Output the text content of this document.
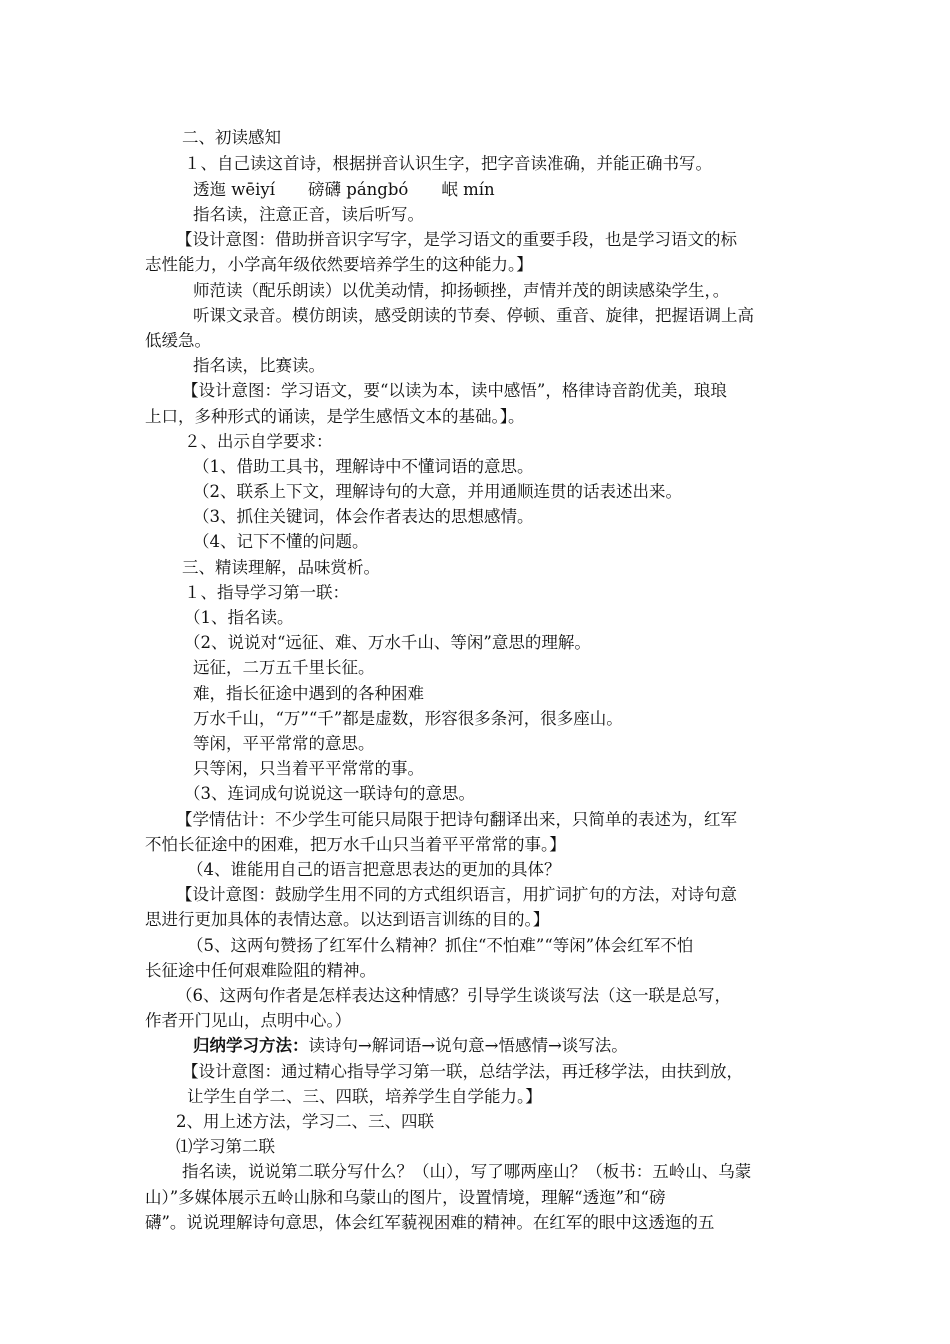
二、初读感知
１、自己读这首诗，根据拼音认识生字，把字音读准确，并能正确书写。
透迤 wēiyí　　磅礴 pángbó　　岷 mín
指名读，注意正音，读后听写。
【设计意图：借助拼音识字写字，是学习语文的重要手段，也是学习语文的标
志性能力，小学高年级依然要培养学生的这种能力。】
师范读（配乐朗读）以优美动情，抑扬顿挫，声情并茂的朗读感染学生，。
听课文录音。模仿朗读，感受朗读的节奏、停顿、重音、旋律，把握语调上高
低缓急。
指名读，比赛读。
【设计意图：学习语文，要“以读为本，读中感悟”，格律诗音韵优美，琅琅
上口，多种形式的诵读，是学生感悟文本的基础。】。
２、出示自学要求：
（1、借助工具书，理解诗中不懂词语的意思。
（2、联系上下文，理解诗句的大意，并用通顺连贯的话表述出来。
（3、抓住关键词，体会作者表达的思想感情。
（4、记下不懂的问题。
三、精读理解，品味赏析。
１、指导学习第一联：
（1、指名读。
（2、说说对“远征、难、万水千山、等闲”意思的理解。
远征，二万五千里长征。
难，指长征途中遇到的各种困难
万水千山，“万”“千”都是虚数，形容很多条河，很多座山。
等闲，平平常常的意思。
只等闲，只当着平平常常的事。
（3、连词成句说说这一联诗句的意思。
【学情估计：不少学生可能只局限于把诗句翻译出来，只简单的表述为，红军
不怕长征途中的困难，把万水千山只当着平平常常的事。】
（4、谁能用自己的语言把意思表达的更加的具体？
【设计意图：鼓励学生用不同的方式组织语言，用扩词扩句的方法，对诗句意
思进行更加具体的表情达意。以达到语言训练的目的。】
（5、这两句赞扬了红军什么精神？抓住“不怕难”“等闲”体会红军不怕
长征途中任何艰难险阻的精神。
（6、这两句作者是怎样表达这种情感？引导学生谈谈写法（这一联是总写，
作者开门见山，点明中心。）
归纳学习方法：读诗句→解词语→说句意→悟感情→谈写法。
【设计意图：通过精心指导学习第一联，总结学法，再迁移学法，由扶到放，
让学生自学二、三、四联，培养学生自学能力。】
2、用上述方法，学习二、三、四联
⑴学习第二联
指名读，说说第二联分写什么？（山），写了哪两座山？（板书：五岭山、乌蒙
山）”多媒体展示五岭山脉和乌蒙山的图片，设置情境，理解“透迤”和“磅
礴”。说说理解诗句意思，体会红军藐视困难的精神。在红军的眼中这透迤的五
